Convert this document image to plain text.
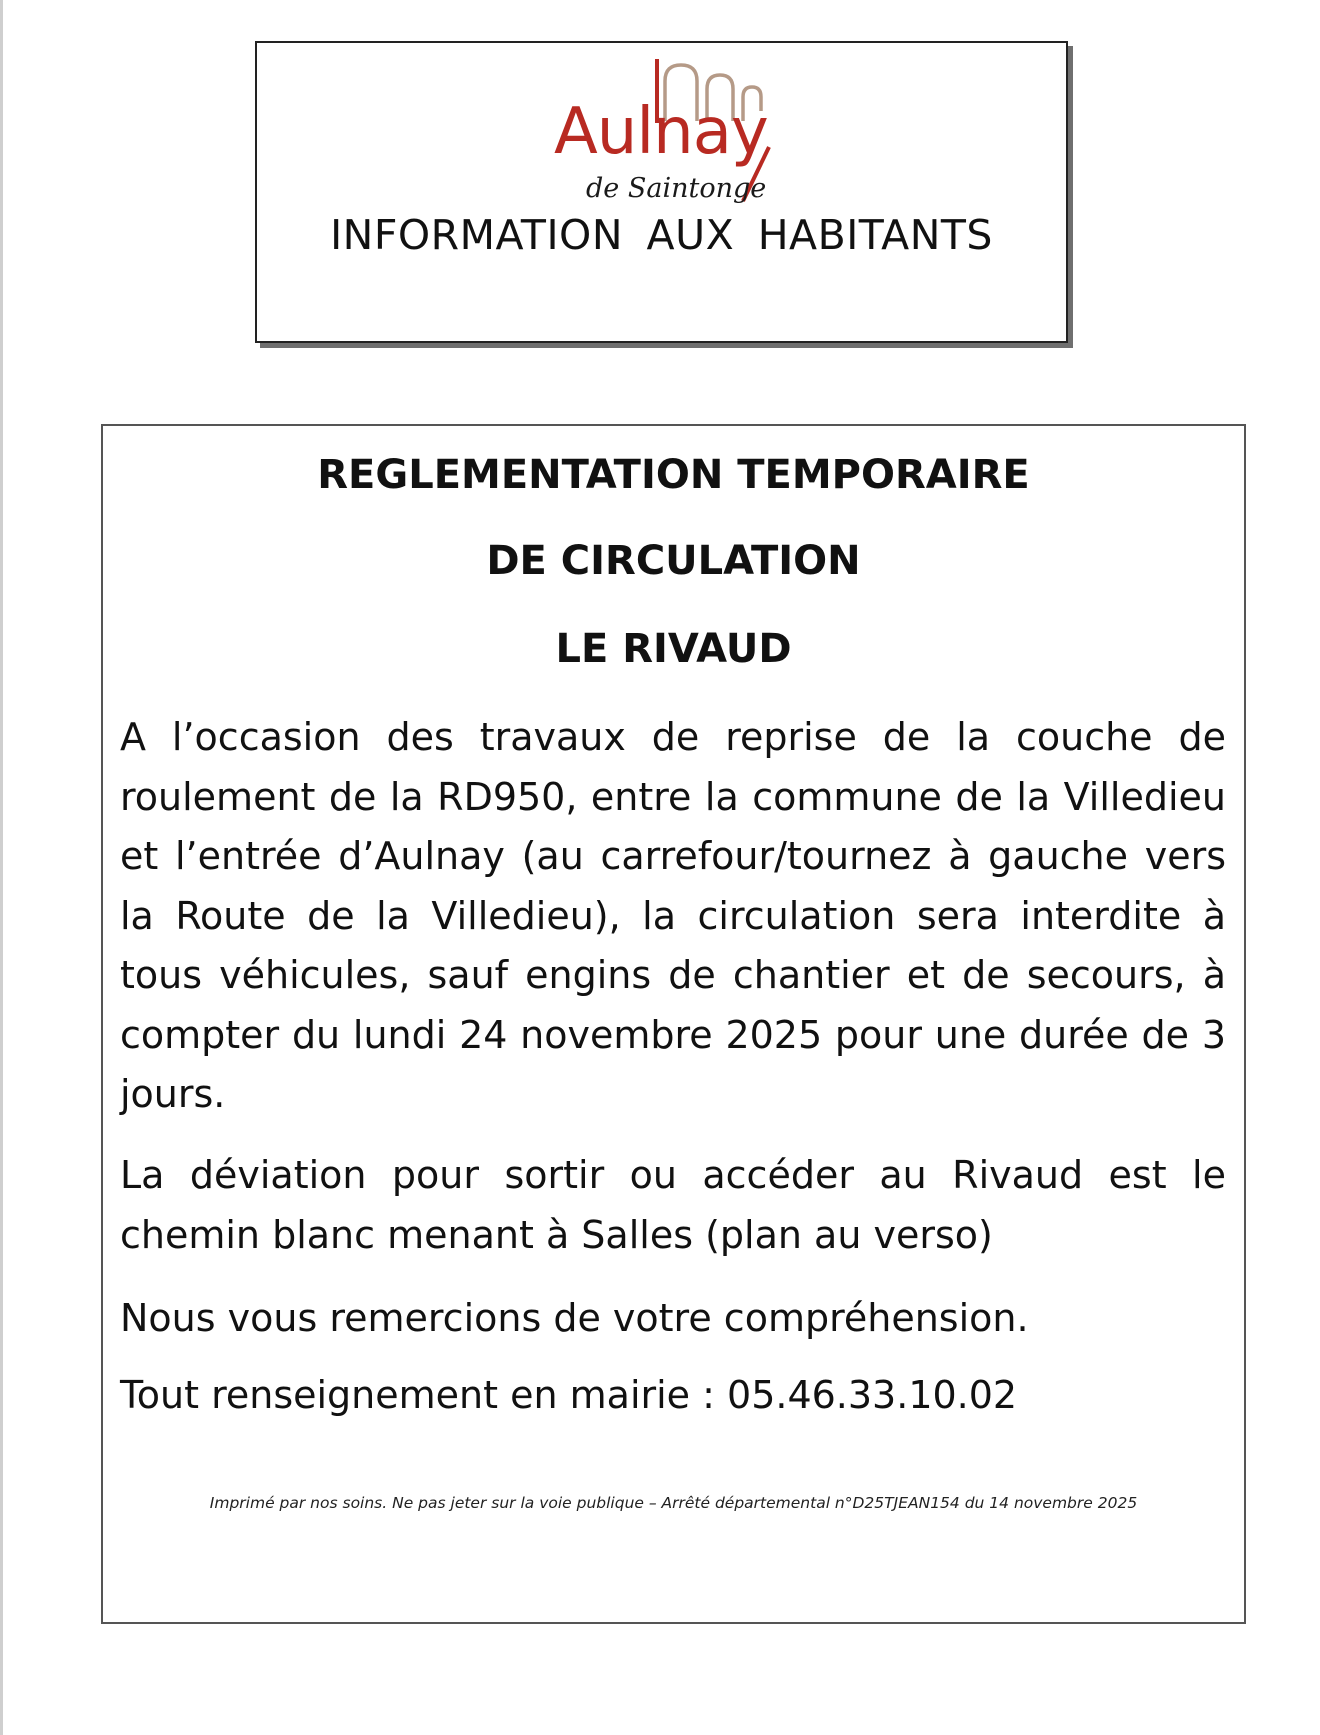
Aulnay
de Saintonge
INFORMATION AUX HABITANTS
REGLEMENTATION TEMPORAIRE
DE CIRCULATION
LE RIVAUD

A l’occasion des travaux de reprise de la couche de roulement de la RD950, entre la commune de la Villedieu et l’entrée d’Aulnay (au carrefour/tournez à gauche vers la Route de la Villedieu), la circulation sera interdite à tous véhicules, sauf engins de chantier et de secours, à compter du lundi 24 novembre 2025 pour une durée de 3 jours.

La déviation pour sortir ou accéder au Rivaud est le chemin blanc menant à Salles (plan au verso)

Nous vous remercions de votre compréhension.

Tout renseignement en mairie : 05.46.33.10.02

Imprimé par nos soins. Ne pas jeter sur la voie publique – Arrêté départemental n°D25TJEAN154 du 14 novembre 2025
